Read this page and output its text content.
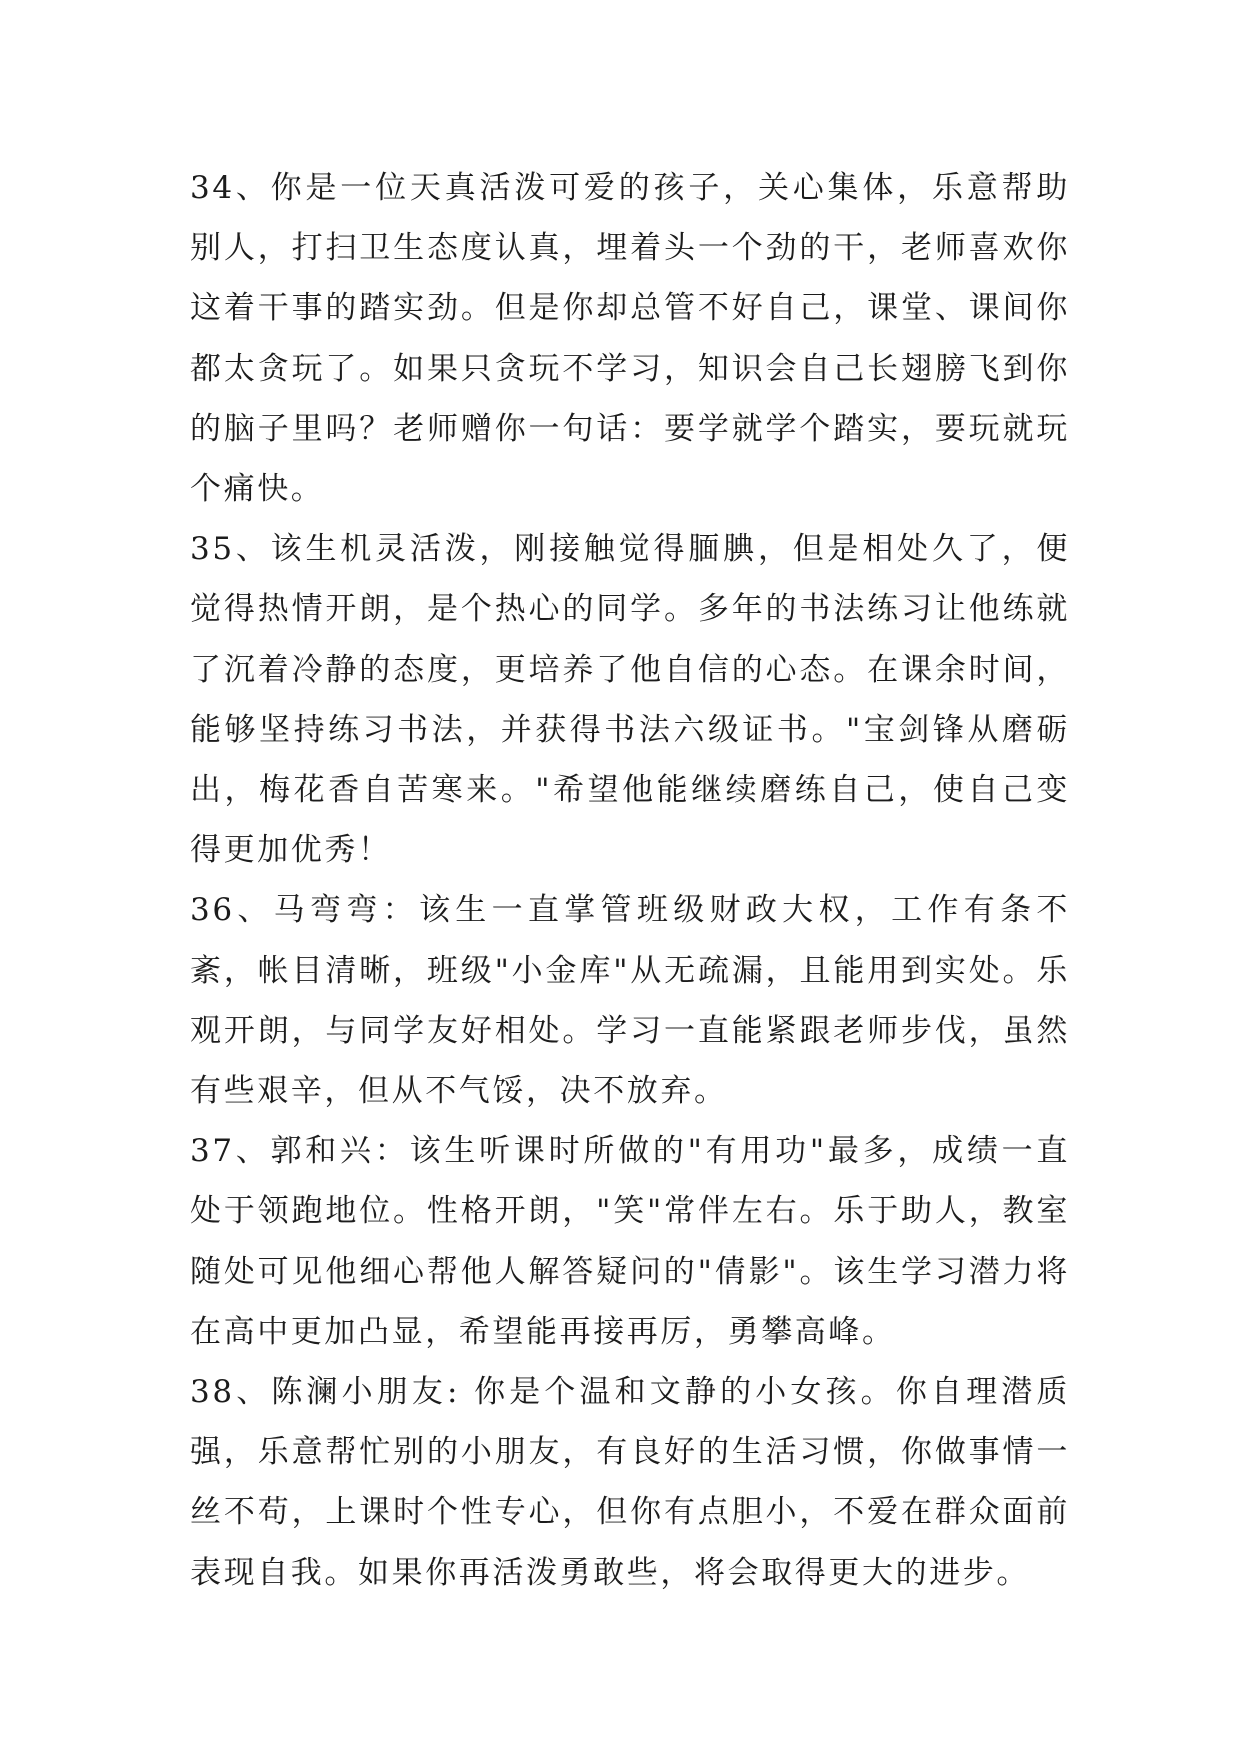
34、你是一位天真活泼可爱的孩子，关心集体，乐意帮助别人，打扫卫生态度认真，埋着头一个劲的干，老师喜欢你这着干事的踏实劲。但是你却总管不好自己，课堂、课间你都太贪玩了。如果只贪玩不学习，知识会自己长翅膀飞到你的脑子里吗？老师赠你一句话：要学就学个踏实，要玩就玩个痛快。

35、该生机灵活泼，刚接触觉得腼腆，但是相处久了，便觉得热情开朗，是个热心的同学。多年的书法练习让他练就了沉着冷静的态度，更培养了他自信的心态。在课余时间，能够坚持练习书法，并获得书法六级证书。"宝剑锋从磨砺出，梅花香自苦寒来。"希望他能继续磨练自己，使自己变得更加优秀！

36、马弯弯：该生一直掌管班级财政大权，工作有条不紊，帐目清晰，班级"小金库"从无疏漏，且能用到实处。乐观开朗，与同学友好相处。学习一直能紧跟老师步伐，虽然有些艰辛，但从不气馁，决不放弃。

37、郭和兴：该生听课时所做的"有用功"最多，成绩一直处于领跑地位。性格开朗，"笑"常伴左右。乐于助人，教室随处可见他细心帮他人解答疑问的"倩影"。该生学习潜力将在高中更加凸显，希望能再接再厉，勇攀高峰。

38、陈澜小朋友: 你是个温和文静的小女孩。你自理潜质强，乐意帮忙别的小朋友，有良好的生活习惯，你做事情一丝不苟，上课时个性专心，但你有点胆小，不爱在群众面前表现自我。如果你再活泼勇敢些，将会取得更大的进步。
